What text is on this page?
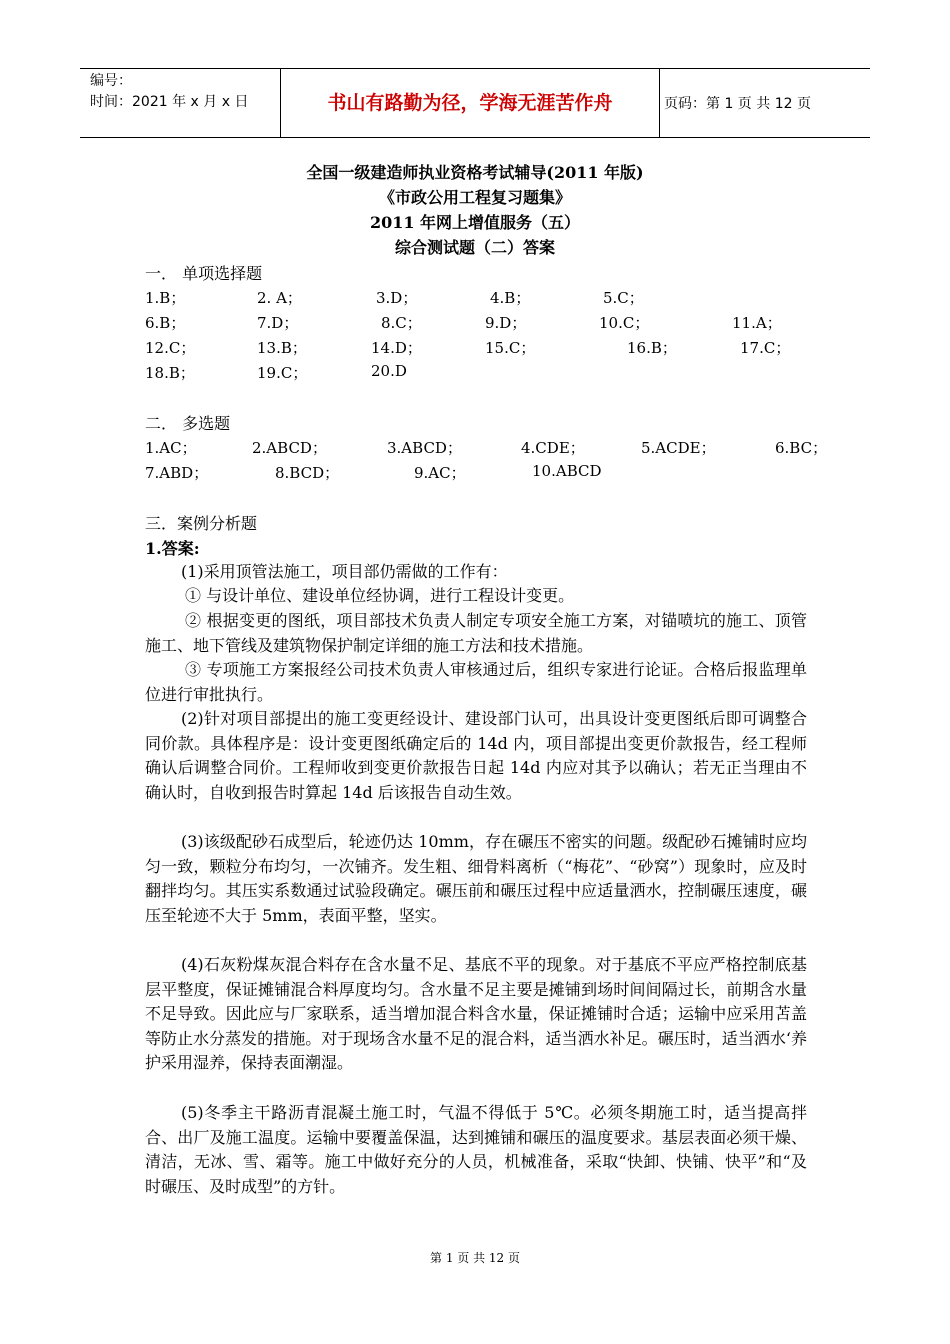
编号：
时间：2021 年 x 月 x 日	书山有路勤为径，学海无涯苦作舟	页码：第 1 页 共 12 页
全国一级建造师执业资格考试辅导(2011 年版)
《市政公用工程复习题集》
2011 年网上增值服务（五）
综合测试题（二）答案
一． 单项选择题
1.B；	2. A；	3.D；	4.B；	5.C；
6.B；	7.D；	8.C；	9.D；	10.C；	11.A；
12.C；	13.B；	14.D；	15.C；	16.B；	17.C；
18.B；	19.C；	20.D
二． 多选题
1.AC；	2.ABCD；	3.ABCD；	4.CDE；	5.ACDE；	6.BC；
7.ABD；	8.BCD；	9.AC；	10.ABCD
三．案例分析题
1.答案:
(1)采用顶管法施工，项目部仍需做的工作有：
① 与设计单位、建设单位经协调，进行工程设计变更。
② 根据变更的图纸，项目部技术负责人制定专项安全施工方案，对锚喷坑的施工、顶管施工、地下管线及建筑物保护制定详细的施工方法和技术措施。
③ 专项施工方案报经公司技术负责人审核通过后，组织专家进行论证。合格后报监理单位进行审批执行。
(2)针对项目部提出的施工变更经设计、建设部门认可，出具设计变更图纸后即可调整合同价款。具体程序是：设计变更图纸确定后的 14d 内，项目部提出变更价款报告，经工程师确认后调整合同价。工程师收到变更价款报告日起 14d 内应对其予以确认；若无正当理由不确认时，自收到报告时算起 14d 后该报告自动生效。
(3)该级配砂石成型后，轮迹仍达 10mm，存在碾压不密实的问题。级配砂石摊铺时应均匀一致，颗粒分布均匀，一次铺齐。发生粗、细骨料离析（“梅花”、“砂窝”）现象时，应及时翻拌均匀。其压实系数通过试验段确定。碾压前和碾压过程中应适量洒水，控制碾压速度，碾压至轮迹不大于 5mm，表面平整，坚实。
(4)石灰粉煤灰混合料存在含水量不足、基底不平的现象。对于基底不平应严格控制底基层平整度，保证摊铺混合料厚度均匀。含水量不足主要是摊铺到场时间间隔过长，前期含水量不足导致。因此应与厂家联系，适当增加混合料含水量，保证摊铺时合适；运输中应采用苫盖等防止水分蒸发的措施。对于现场含水量不足的混合料，适当洒水补足。碾压时，适当洒水‘养护采用湿养，保持表面潮湿。
(5)冬季主干路沥青混凝土施工时，气温不得低于 5℃。必须冬期施工时，适当提高拌合、出厂及施工温度。运输中要覆盖保温，达到摊铺和碾压的温度要求。基层表面必须干燥、清洁，无冰、雪、霜等。施工中做好充分的人员，机械准备，采取“快卸、快铺、快平”和“及时碾压、及时成型”的方针。
第 1 页 共 12 页
